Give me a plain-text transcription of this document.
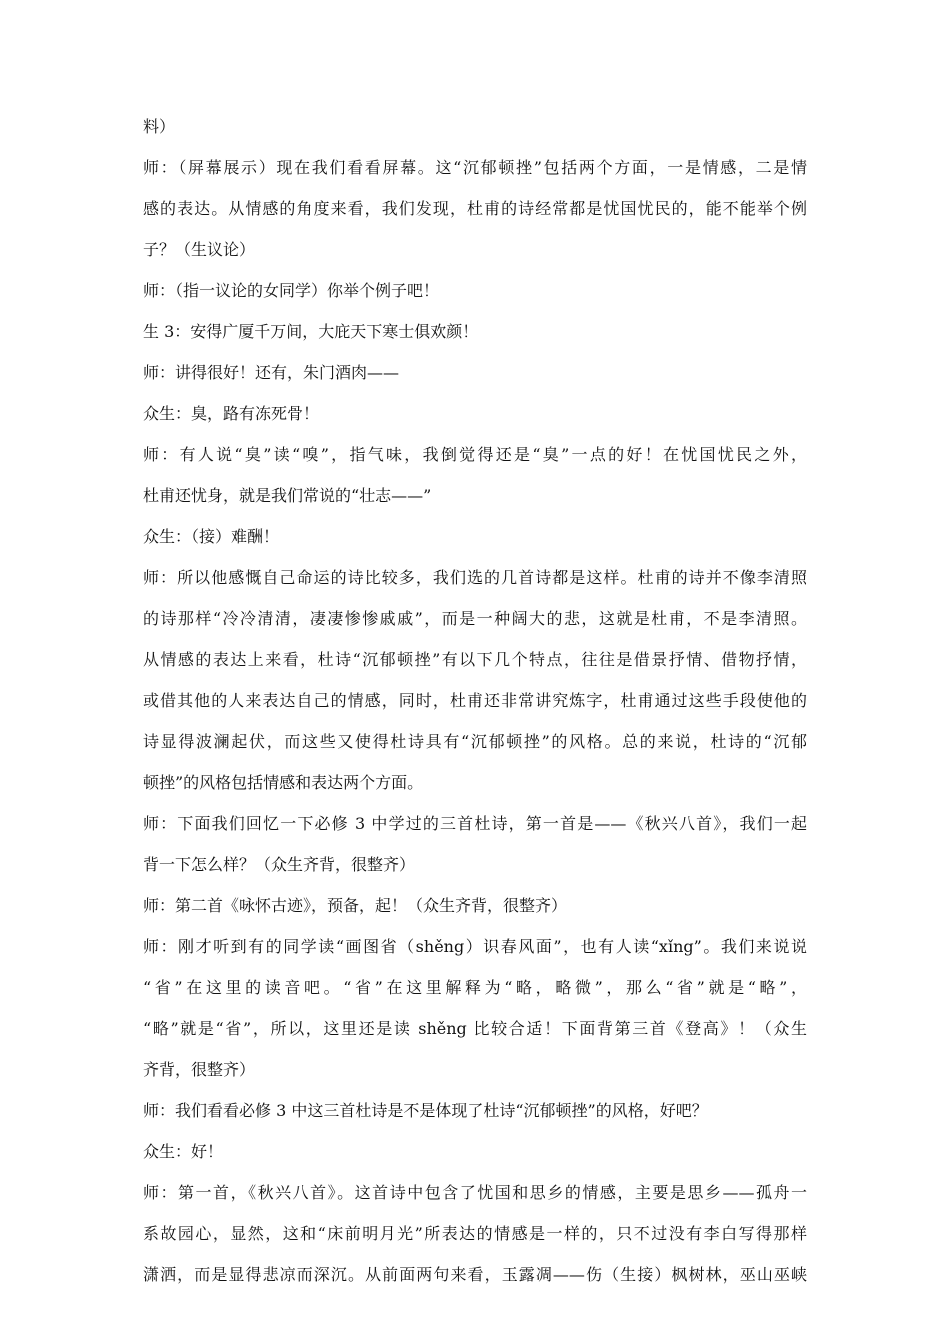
料）
师：（屏幕展示）现在我们看看屏幕。这“沉郁顿挫”包括两个方面，一是情感，二是情
感的表达。从情感的角度来看，我们发现，杜甫的诗经常都是忧国忧民的，能不能举个例
子？（生议论）
师：（指一议论的女同学）你举个例子吧！
生 3：安得广厦千万间，大庇天下寒士俱欢颜！
师：讲得很好！还有，朱门酒肉——
众生：臭，路有冻死骨！
师：有人说“臭”读“嗅”，指气味，我倒觉得还是“臭”一点的好！在忧国忧民之外，
杜甫还忧身，就是我们常说的“壮志——”
众生：（接）难酬！
师：所以他感慨自己命运的诗比较多，我们选的几首诗都是这样。杜甫的诗并不像李清照
的诗那样“冷冷清清，凄凄惨惨戚戚”，而是一种阔大的悲，这就是杜甫，不是李清照。
从情感的表达上来看，杜诗“沉郁顿挫”有以下几个特点，往往是借景抒情、借物抒情，
或借其他的人来表达自己的情感，同时，杜甫还非常讲究炼字，杜甫通过这些手段使他的
诗显得波澜起伏，而这些又使得杜诗具有“沉郁顿挫”的风格。总的来说，杜诗的“沉郁
顿挫”的风格包括情感和表达两个方面。
师：下面我们回忆一下必修 3 中学过的三首杜诗，第一首是——《秋兴八首》，我们一起
背一下怎么样？（众生齐背，很整齐）
师：第二首《咏怀古迹》，预备，起！（众生齐背，很整齐）
师：刚才听到有的同学读“画图省（shěng）识春风面”，也有人读“xǐng”。我们来说说
“省”在这里的读音吧。“省”在这里解释为“略，略微”，那么“省”就是“略”，
“略”就是“省”，所以，这里还是读 shěng 比较合适！下面背第三首《登高》！（众生
齐背，很整齐）
师：我们看看必修 3 中这三首杜诗是不是体现了杜诗“沉郁顿挫”的风格，好吧？
众生：好！
师：第一首，《秋兴八首》。这首诗中包含了忧国和思乡的情感，主要是思乡——孤舟一
系故园心，显然，这和“床前明月光”所表达的情感是一样的，只不过没有李白写得那样
潇洒，而是显得悲凉而深沉。从前面两句来看，玉露凋——伤（生接）枫树林，巫山巫峡
